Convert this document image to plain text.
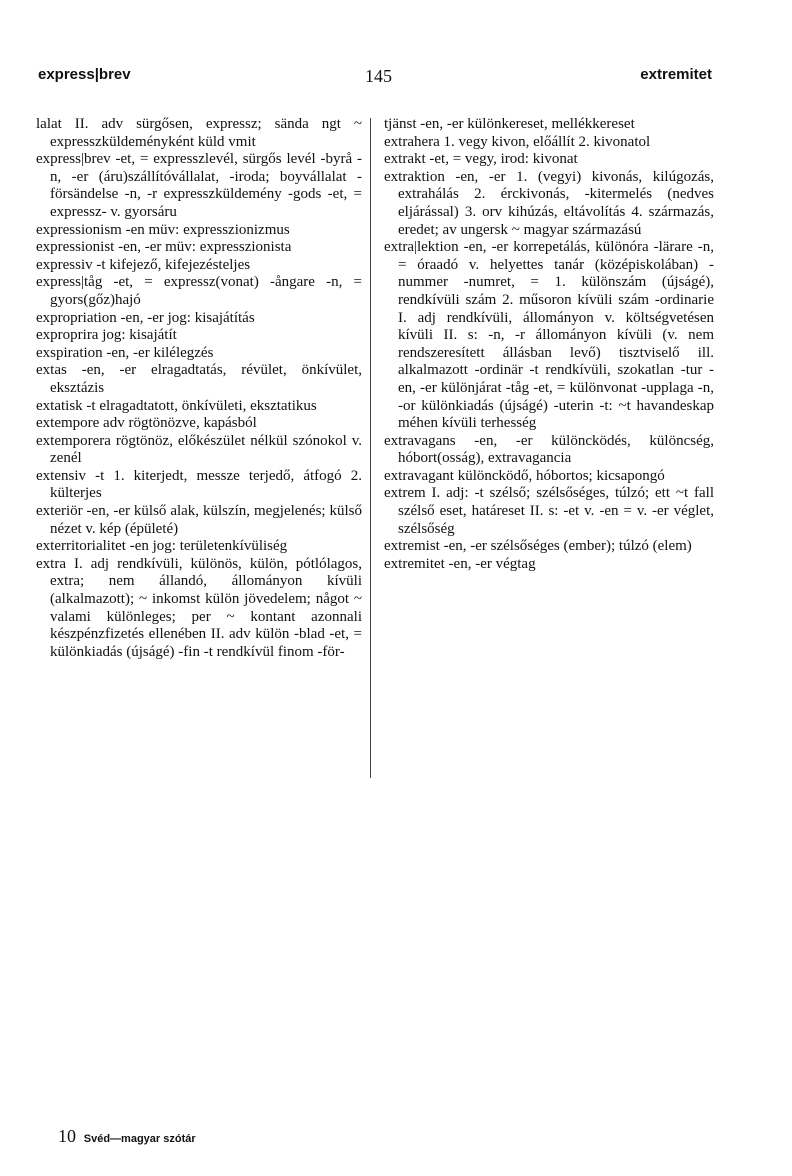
express|brev	145	extremitet
lalat II. adv sürgősen, expressz; sända ngt ~ expresszküldeményként küld vmit
express|brev -et, = expresszlevél, sürgős levél -byrå -n, -er (áru)szállítóvállalat, -iroda; boyvállalat -försändelse -n, -r expresszküldemény -gods -et, = expressz- v. gyorsáru
expressionism -en müv: expresszionizmus
expressionist -en, -er müv: expresszionista
expressiv -t kifejező, kifejezésteljes
express|tåg -et, = expressz(vonat) -ångare -n, = gyors(gőz)hajó
expropriation -en, -er jog: kisajátítás
exproprira jog: kisajátít
exspiration -en, -er kilélegzés
extas -en, -er elragadtatás, révület, önkívület, eksztázis
extatisk -t elragadtatott, önkívületi, eksztatikus
extempore adv rögtönözve, kapásból
extemporera rögtönöz, előkészület nélkül szónokol v. zenél
extensiv -t 1. kiterjedt, messze terjedő, átfogó 2. külterjes
exteriör -en, -er külső alak, külszín, megjelenés; külső nézet v. kép (épületé)
exterritorialitet -en jog: területenkívüliség
extra I. adj rendkívüli, különös, külön, pótlólagos, extra; nem állandó, állományon kívüli (alkalmazott); ~ inkomst külön jövedelem; något ~ valami különleges; per ~ kontant azonnali készpénzfizetés ellenében II. adv külön -blad -et, = különkiadás (újságé) -fin -t rendkívül finom -för-
tjänst -en, -er különkereset, mellékkereset
extrahera 1. vegy kivon, előállít 2. kivonatol
extrakt -et, = vegy, irod: kivonat
extraktion -en, -er 1. (vegyi) kivonás, kilúgozás, extrahálás 2. érckivonás, -kitermelés (nedves eljárással) 3. orv kihúzás, eltávolítás 4. származás, eredet; av ungersk ~ magyar származású
extra|lektion -en, -er korrepetálás, különóra -lärare -n, = óraadó v. helyettes tanár (középiskolában) -nummer -numret, = 1. különszám (újságé), rendkívüli szám 2. műsoron kívüli szám -ordinarie I. adj rendkívüli, állományon v. költségvetésen kívüli II. s: -n, -r állományon kívüli (v. nem rendszeresített állásban levő) tisztviselő ill. alkalmazott -ordinär -t rendkívüli, szokatlan -tur -en, -er különjárat -tåg -et, = különvonat -upplaga -n, -or különkiadás (újságé) -uterin -t: ~t havandeskap méhen kívüli terhesség
extravagans -en, -er különcködés, különcség, hóbort(osság), extravagancia
extravagant különcködő, hóbortos; kicsapongó
extrem I. adj: -t szélső; szélsőséges, túlzó; ett ~t fall szélső eset, határeset II. s: -et v. -en = v. -er véglet, szélsőség
extremist -en, -er szélsőséges (ember); túlzó (elem)
extremitet -en, -er végtag
10 Svéd—magyar szótár
